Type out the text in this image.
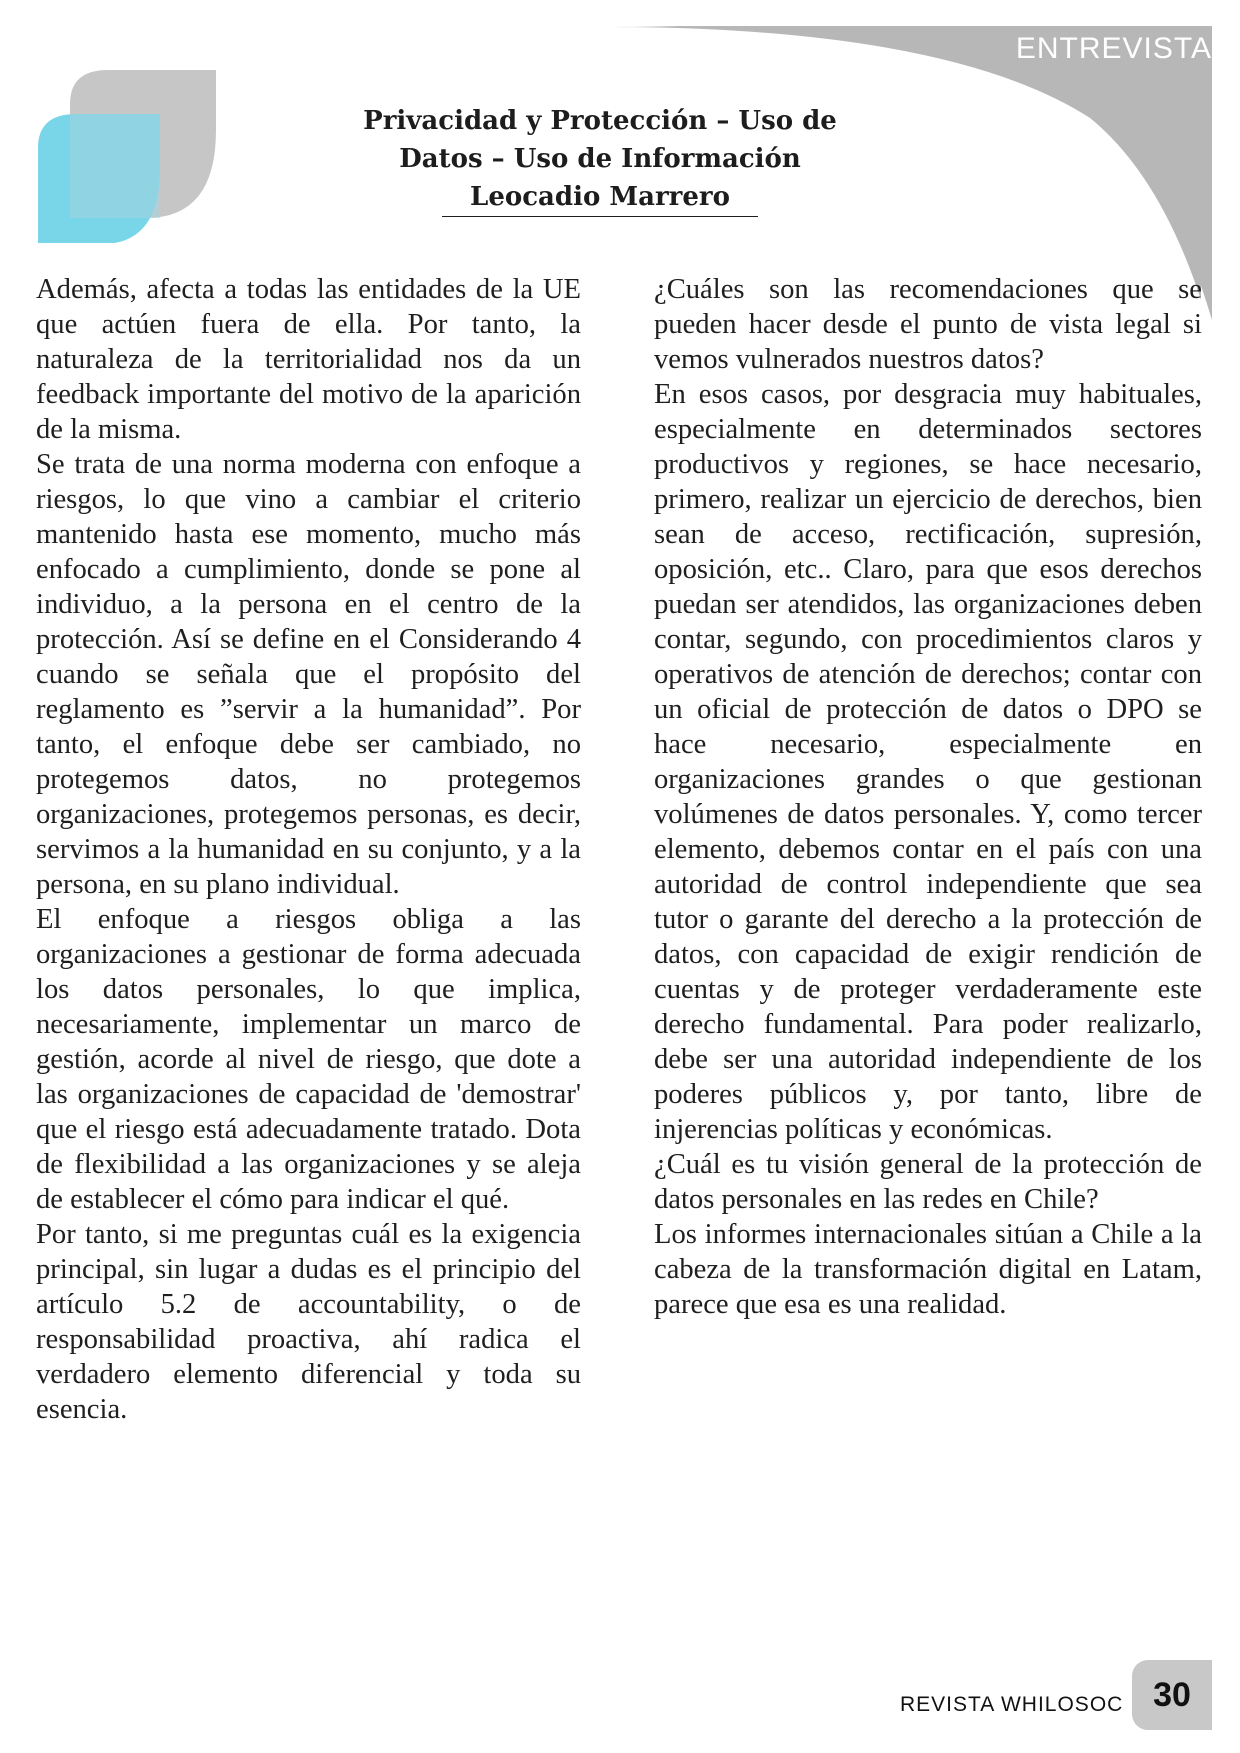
ENTREVISTA
Privacidad y Protección – Uso de
Datos – Uso de Información
Leocadio Marrero

Además, afecta a todas las entidades de la UE que actúen fuera de ella. Por tanto, la naturaleza de la territorialidad nos da un feedback importante del motivo de la aparición de la misma.

Se trata de una norma moderna con enfoque a riesgos, lo que vino a cambiar el criterio mantenido hasta ese momento, mucho más enfocado a cumplimiento, donde se pone al individuo, a la persona en el centro de la protección. Así se define en el Considerando 4 cuando se señala que el propósito del reglamento es ”servir a la humanidad”. Por tanto, el enfoque debe ser cambiado, no protegemos datos, no protegemos organizaciones, protegemos personas, es decir, servimos a la humanidad en su conjunto, y a la persona, en su plano individual.

El enfoque a riesgos obliga a las organizaciones a gestionar de forma adecuada los datos personales, lo que implica, necesariamente, implementar un marco de gestión, acorde al nivel de riesgo, que dote a las organizaciones de capacidad de 'demostrar' que el riesgo está adecuadamente tratado. Dota de flexibilidad a las organizaciones y se aleja de establecer el cómo para indicar el qué.

Por tanto, si me preguntas cuál es la exigencia principal, sin lugar a dudas es el principio del artículo 5.2 de accountability, o de responsabilidad proactiva, ahí radica el verdadero elemento diferencial y toda su esencia.

¿Cuáles son las recomendaciones que se pueden hacer desde el punto de vista legal si vemos vulnerados nuestros datos?

En esos casos, por desgracia muy habituales, especialmente en determinados sectores productivos y regiones, se hace necesario, primero, realizar un ejercicio de derechos, bien sean de acceso, rectificación, supresión, oposición, etc.. Claro, para que esos derechos puedan ser atendidos, las organizaciones deben contar, segundo, con procedimientos claros y operativos de atención de derechos; contar con un oficial de protección de datos o DPO se hace necesario, especialmente en organizaciones grandes o que gestionan volúmenes de datos personales. Y, como tercer elemento, debemos contar en el país con una autoridad de control independiente que sea tutor o garante del derecho a la protección de datos, con capacidad de exigir rendición de cuentas y de proteger verdaderamente este derecho fundamental. Para poder realizarlo, debe ser una autoridad independiente de los poderes públicos y, por tanto, libre de injerencias políticas y económicas.

¿Cuál es tu visión general de la protección de datos personales en las redes en Chile?

Los informes internacionales sitúan a Chile a la cabeza de la transformación digital en Latam, parece que esa es una realidad.

REVISTA WHILOSOC 30
